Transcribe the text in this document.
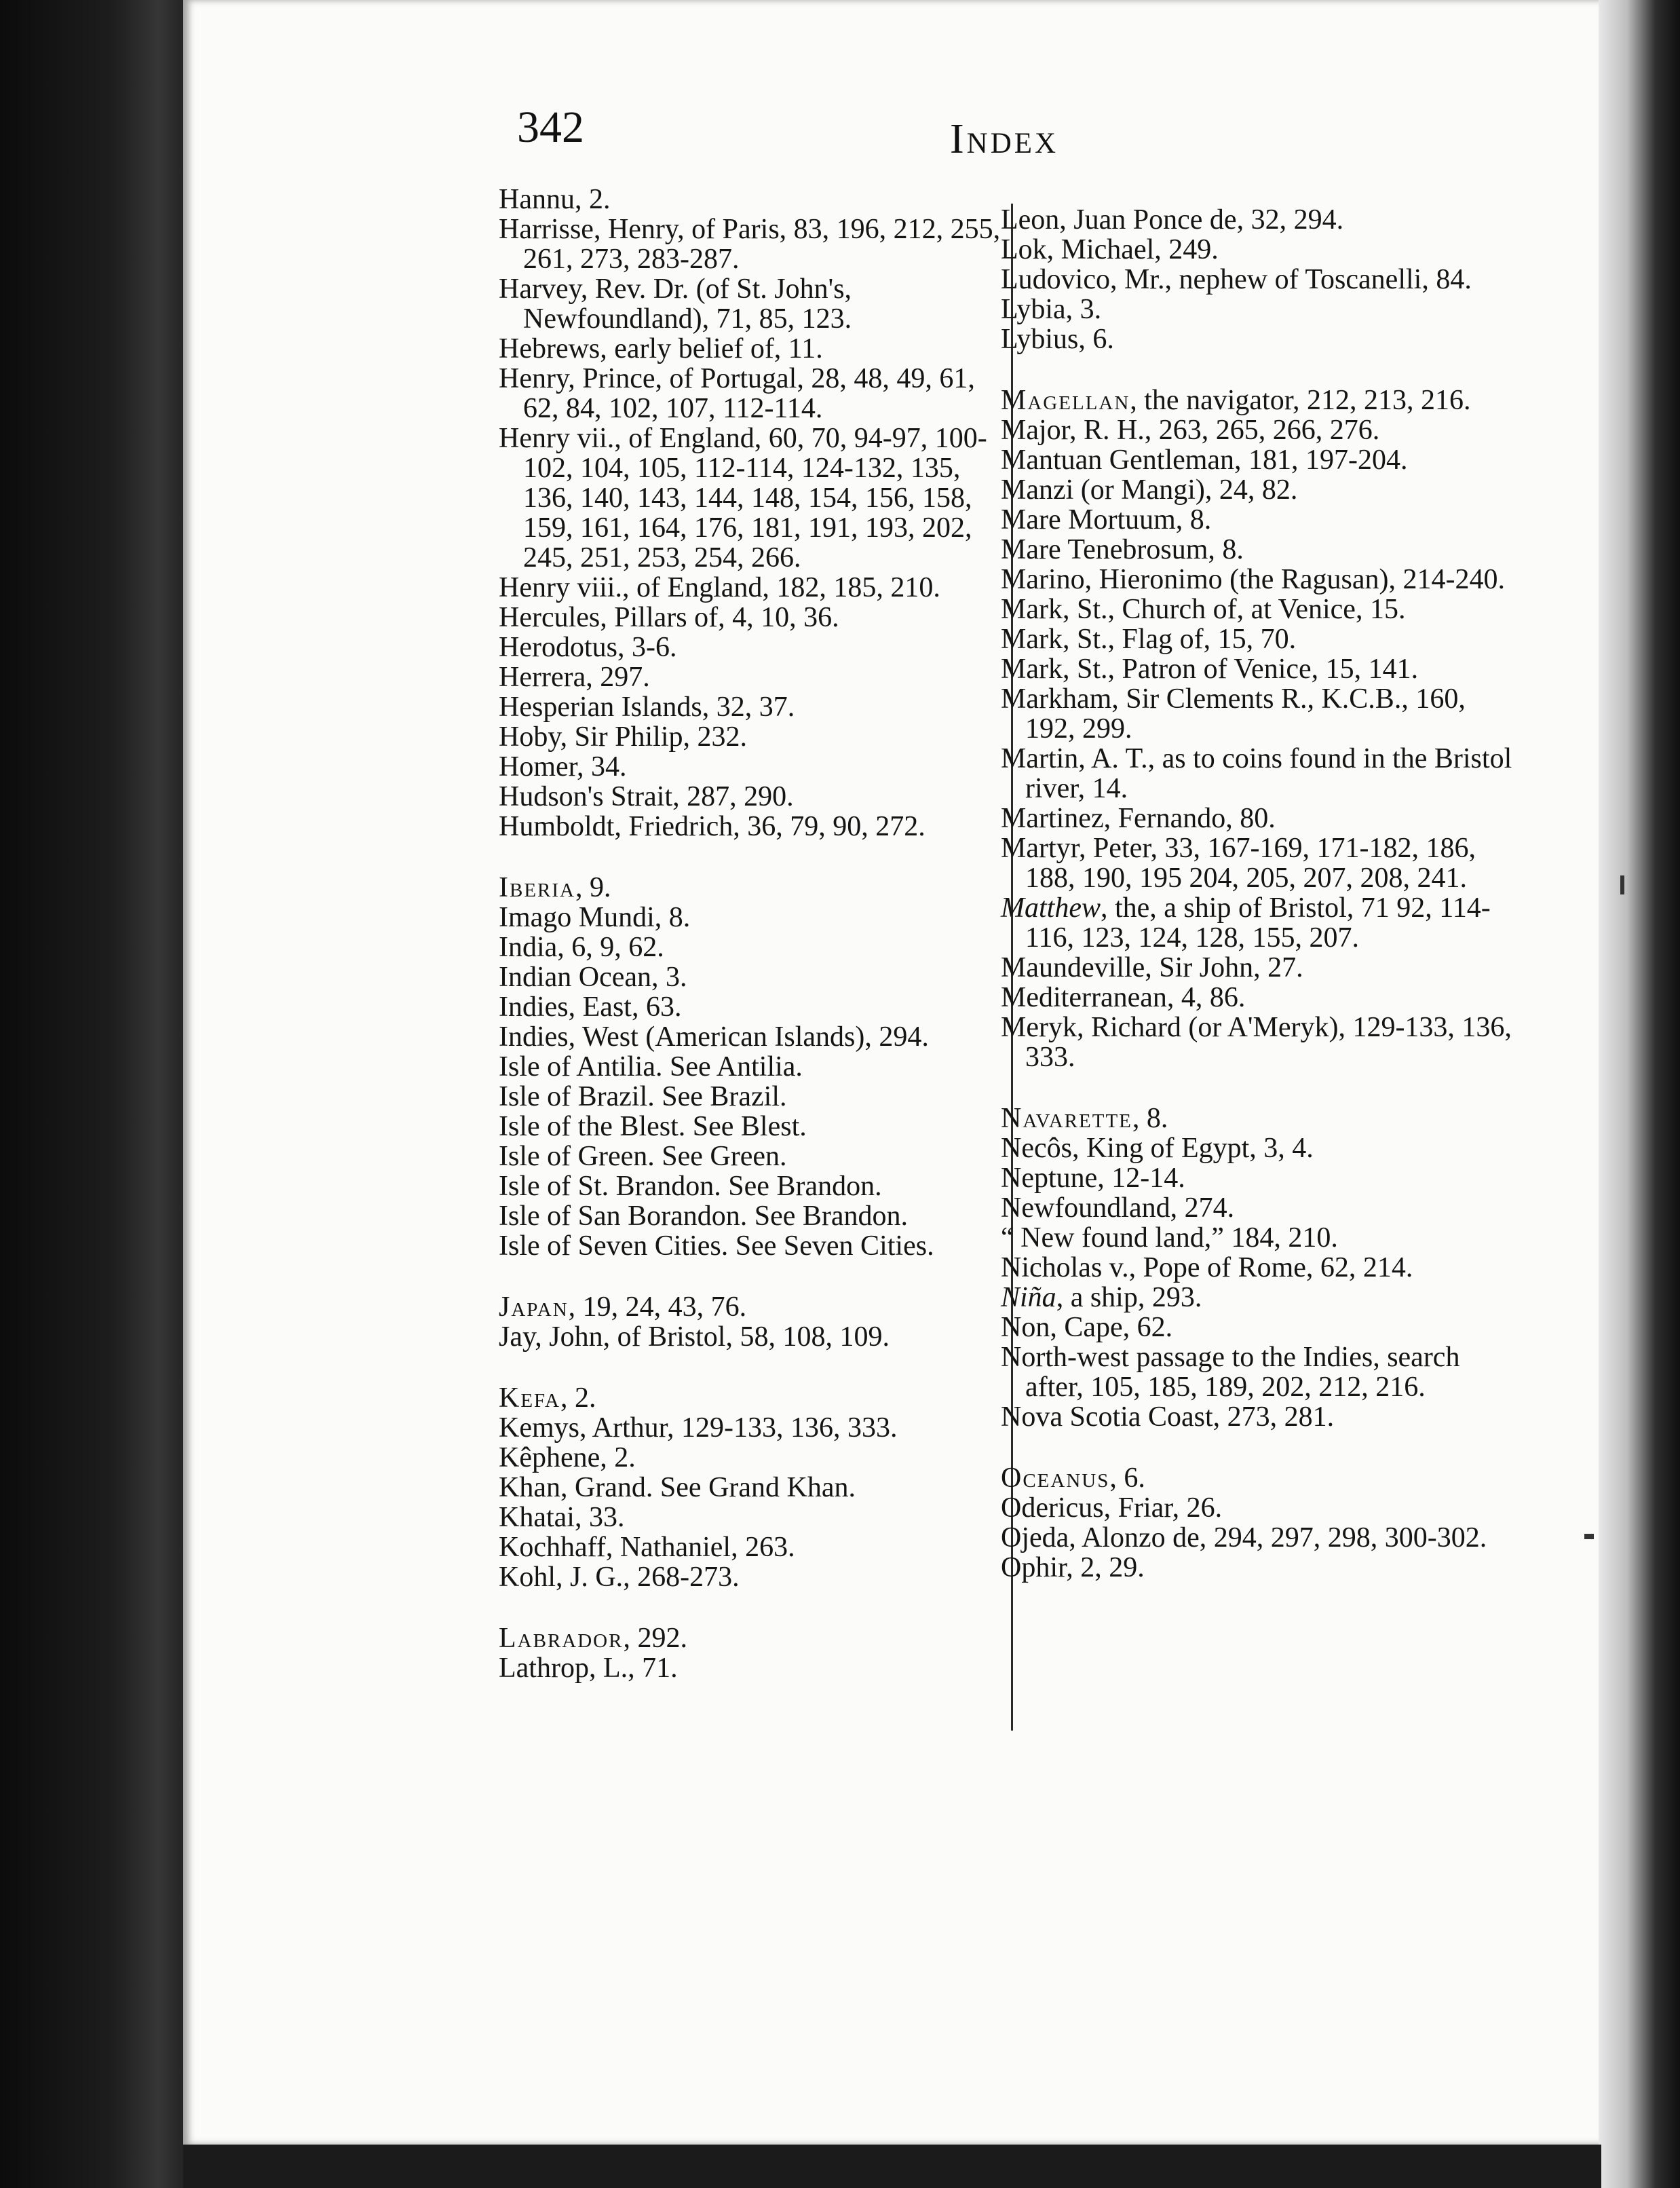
342	Index

Hannu, 2.

Harrisse, Henry, of Paris, 83, 196, 212, 255, 261, 273, 283-287.

Harvey, Rev. Dr. (of St. John's, Newfoundland), 71, 85, 123.

Hebrews, early belief of, 11.

Henry, Prince, of Portugal, 28, 48, 49, 61, 62, 84, 102, 107, 112-114.

Henry vii., of England, 60, 70, 94-97, 100-102, 104, 105, 112-114, 124-132, 135, 136, 140, 143, 144, 148, 154, 156, 158, 159, 161, 164, 176, 181, 191, 193, 202, 245, 251, 253, 254, 266.

Henry viii., of England, 182, 185, 210.

Hercules, Pillars of, 4, 10, 36.

Herodotus, 3-6.

Herrera, 297.

Hesperian Islands, 32, 37.

Hoby, Sir Philip, 232.

Homer, 34.

Hudson's Strait, 287, 290.

Humboldt, Friedrich, 36, 79, 90, 272.

Iberia, 9.

Imago Mundi, 8.

India, 6, 9, 62.

Indian Ocean, 3.

Indies, East, 63.

Indies, West (American Islands), 294.

Isle of Antilia. See Antilia.

Isle of Brazil. See Brazil.

Isle of the Blest. See Blest.

Isle of Green. See Green.

Isle of St. Brandon. See Brandon.

Isle of San Borandon. See Brandon.

Isle of Seven Cities. See Seven Cities.

Japan, 19, 24, 43, 76.

Jay, John, of Bristol, 58, 108, 109.

Kefa, 2.

Kemys, Arthur, 129-133, 136, 333.

Kêphene, 2.

Khan, Grand. See Grand Khan.

Khatai, 33.

Kochhaff, Nathaniel, 263.

Kohl, J. G., 268-273.

Labrador, 292.

Lathrop, L., 71.

Leon, Juan Ponce de, 32, 294.

Lok, Michael, 249.

Ludovico, Mr., nephew of Toscanelli, 84.

Lybia, 3.

Lybius, 6.

Magellan, the navigator, 212, 213, 216.

Major, R. H., 263, 265, 266, 276.

Mantuan Gentleman, 181, 197-204.

Manzi (or Mangi), 24, 82.

Mare Mortuum, 8.

Mare Tenebrosum, 8.

Marino, Hieronimo (the Ragusan), 214-240.

Mark, St., Church of, at Venice, 15.

Mark, St., Flag of, 15, 70.

Mark, St., Patron of Venice, 15, 141.

Markham, Sir Clements R., K.C.B., 160, 192, 299.

Martin, A. T., as to coins found in the Bristol river, 14.

Martinez, Fernando, 80.

Martyr, Peter, 33, 167-169, 171-182, 186, 188, 190, 195 204, 205, 207, 208, 241.

Matthew, the, a ship of Bristol, 71 92, 114-116, 123, 124, 128, 155, 207.

Maundeville, Sir John, 27.

Mediterranean, 4, 86.

Meryk, Richard (or A'Meryk), 129-133, 136, 333.

Navarette, 8.

Necôs, King of Egypt, 3, 4.

Neptune, 12-14.

Newfoundland, 274.

“ New found land,” 184, 210.

Nicholas v., Pope of Rome, 62, 214.

Niña, a ship, 293.

Non, Cape, 62.

North-west passage to the Indies, search after, 105, 185, 189, 202, 212, 216.

Nova Scotia Coast, 273, 281.

Oceanus, 6.

Odericus, Friar, 26.

Ojeda, Alonzo de, 294, 297, 298, 300-302.

Ophir, 2, 29.
